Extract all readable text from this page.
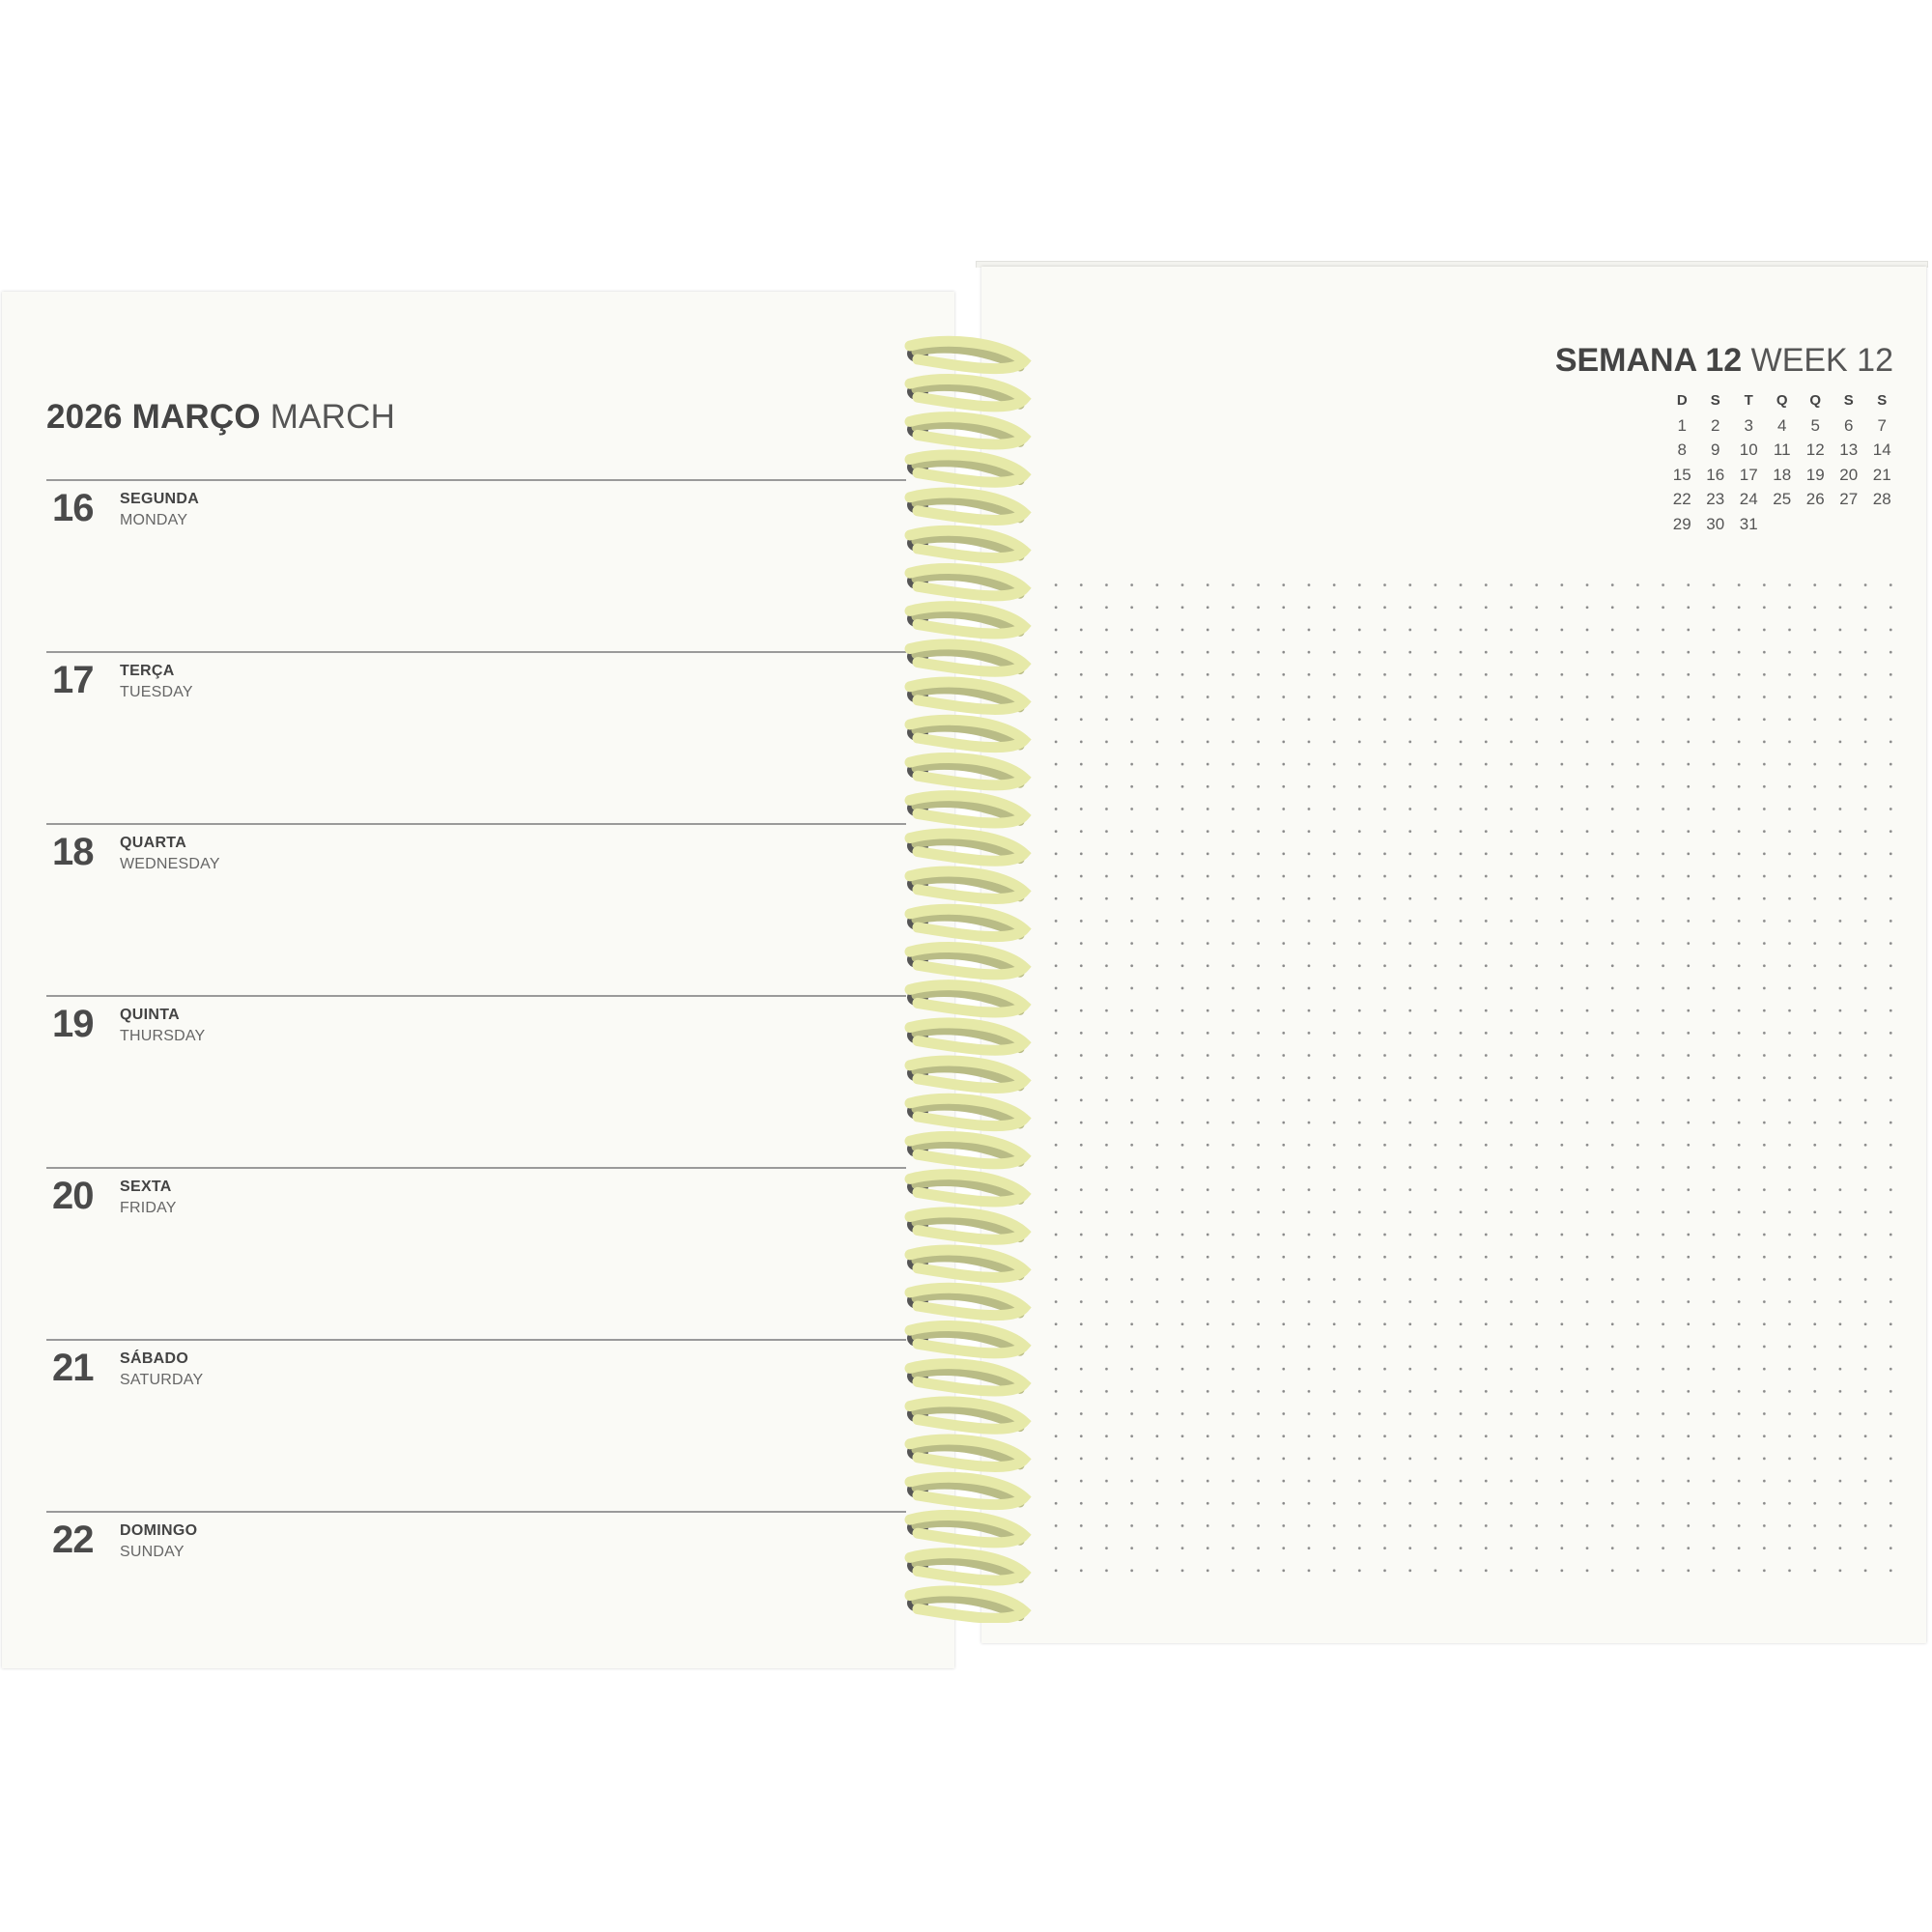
2026 MARÇO MARCH
16 SEGUNDA
MONDAY
17 TERÇA
TUESDAY
18 QUARTA
WEDNESDAY
19 QUINTA
THURSDAY
20 SEXTA
FRIDAY
21 SÁBADO
SATURDAY
22 DOMINGO
SUNDAY
SEMANA 12 WEEK 12
D	S	T	Q	Q	S	S
1	2	3	4	5	6	7
8	9	10 11 12 13 14
15 16 17 18 19 20 21
22 23 24 25 26 27 28
29 30 31
